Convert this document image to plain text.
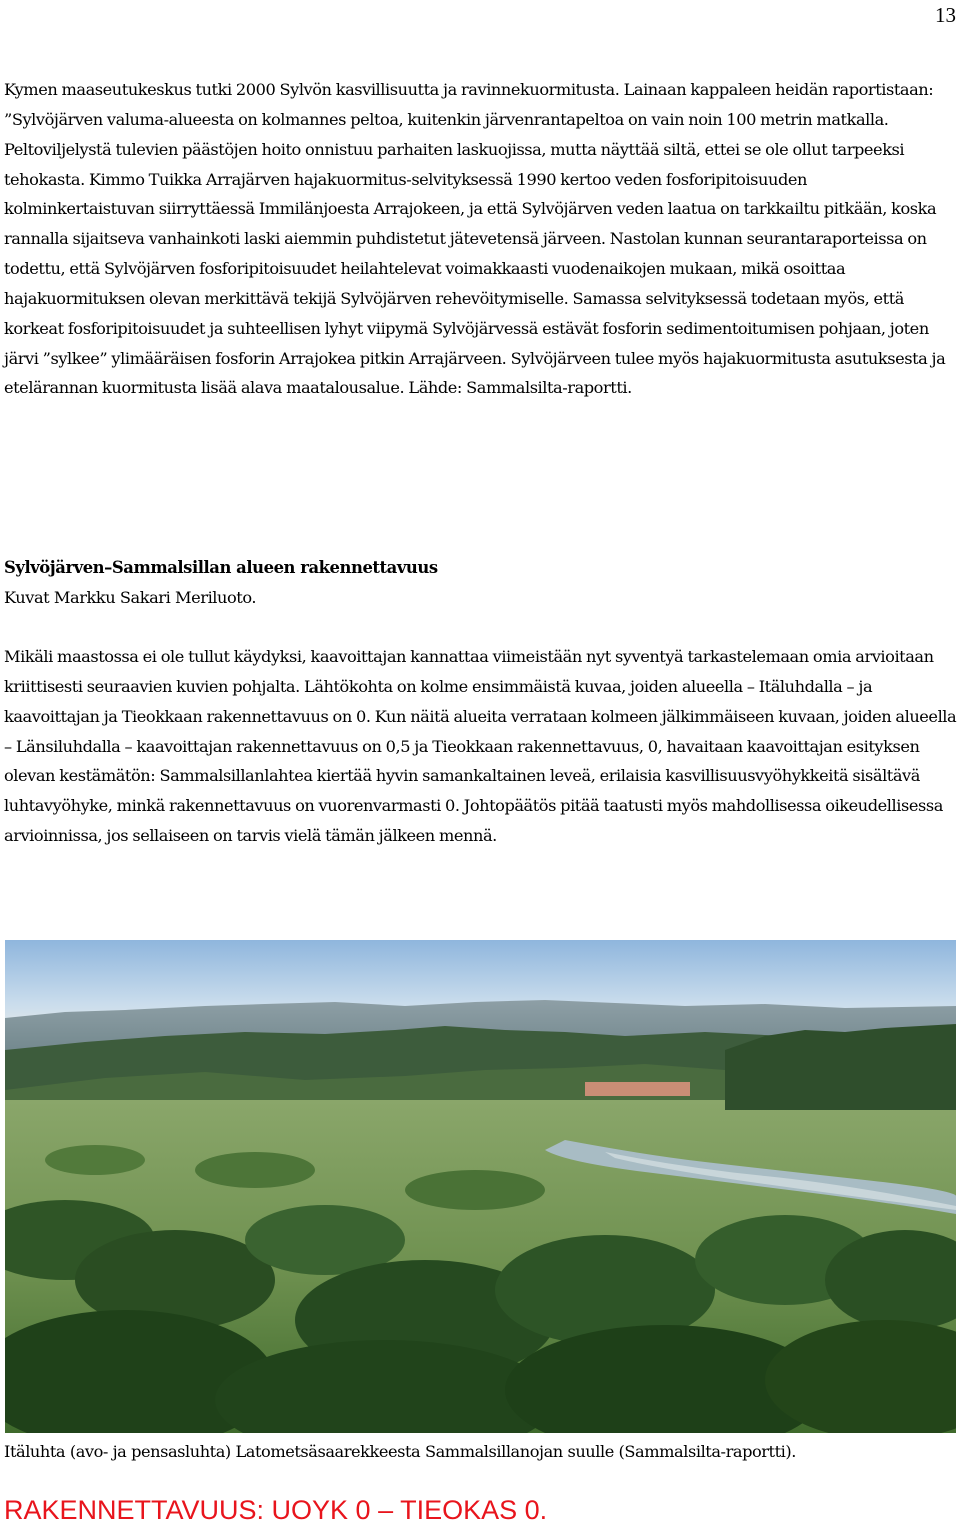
13

Kymen maaseutukeskus tutki 2000 Sylvön kasvillisuutta ja ravinnekuormitusta. Lainaan kappaleen heidän raportistaan: ”Sylvöjärven valuma-alueesta on kolmannes peltoa, kuitenkin järvenrantapeltoa on vain noin 100 metrin matkalla. Peltoviljelystä tulevien päästöjen hoito onnistuu parhaiten laskuojissa, mutta näyttää siltä, ettei se ole ollut tarpeeksi tehokasta. Kimmo Tuikka Arrajärven hajakuormitus-selvityksessä 1990 kertoo veden fosforipitoisuuden kolminkertaistuvan siirryttäessä Immilänjoesta Arrajokeen, ja että Sylvöjärven veden laatua on tarkkailtu pitkään, koska rannalla sijaitseva vanhainkoti laski aiemmin puhdistetut jätevetensä järveen. Nastolan kunnan seurantaraporteissa on todettu, että Sylvöjärven fosforipitoisuudet heilahtelevat voimakkaasti vuodenaikojen mukaan, mikä osoittaa hajakuormituksen olevan merkittävä tekijä Sylvöjärven rehevöitymiselle. Samassa selvityksessä todetaan myös, että korkeat fosforipitoisuudet ja suhteellisen lyhyt viipymä Sylvöjärvessä estävät fosforin sedimentoitumisen pohjaan, joten järvi ”sylkee” ylimääräisen fosforin Arrajokea pitkin Arrajärveen. Sylvöjärveen tulee myös hajakuormitusta asutuksesta ja etelärannan kuormitusta lisää alava maatalousalue. Lähde: Sammalsilta-raportti.

Sylvöjärven–Sammalsillan alueen rakennettavuus

Kuvat Markku Sakari Meriluoto.

Mikäli maastossa ei ole tullut käydyksi, kaavoittajan kannattaa viimeistään nyt syventyä tarkastelemaan omia arvioitaan kriittisesti seuraavien kuvien pohjalta. Lähtökohta on kolme ensimmäistä kuvaa, joiden alueella – Itäluhdalla – ja kaavoittajan ja Tieokkaan rakennettavuus on 0. Kun näitä alueita verrataan kolmeen jälkimmäiseen kuvaan, joiden alueella – Länsiluhdalla – kaavoittajan rakennettavuus on 0,5 ja Tieokkaan rakennettavuus, 0, havaitaan kaavoittajan esityksen olevan kestämätön: Sammalsillanlahtea kiertää hyvin samankaltainen leveä, erilaisia kasvillisuusvyöhykkeitä sisältävä luhtavyöhyke, minkä rakennettavuus on vuorenvarmasti 0. Johtopäätös pitää taatusti myös mahdollisessa oikeudellisessa arvioinnissa, jos sellaiseen on tarvis vielä tämän jälkeen mennä.

Itäluhta (avo- ja pensasluhta) Latometsäsaarekkeesta Sammalsillanojan suulle (Sammalsilta-raportti).

RAKENNETTAVUUS: UOYK 0 – TIEOKAS 0.
